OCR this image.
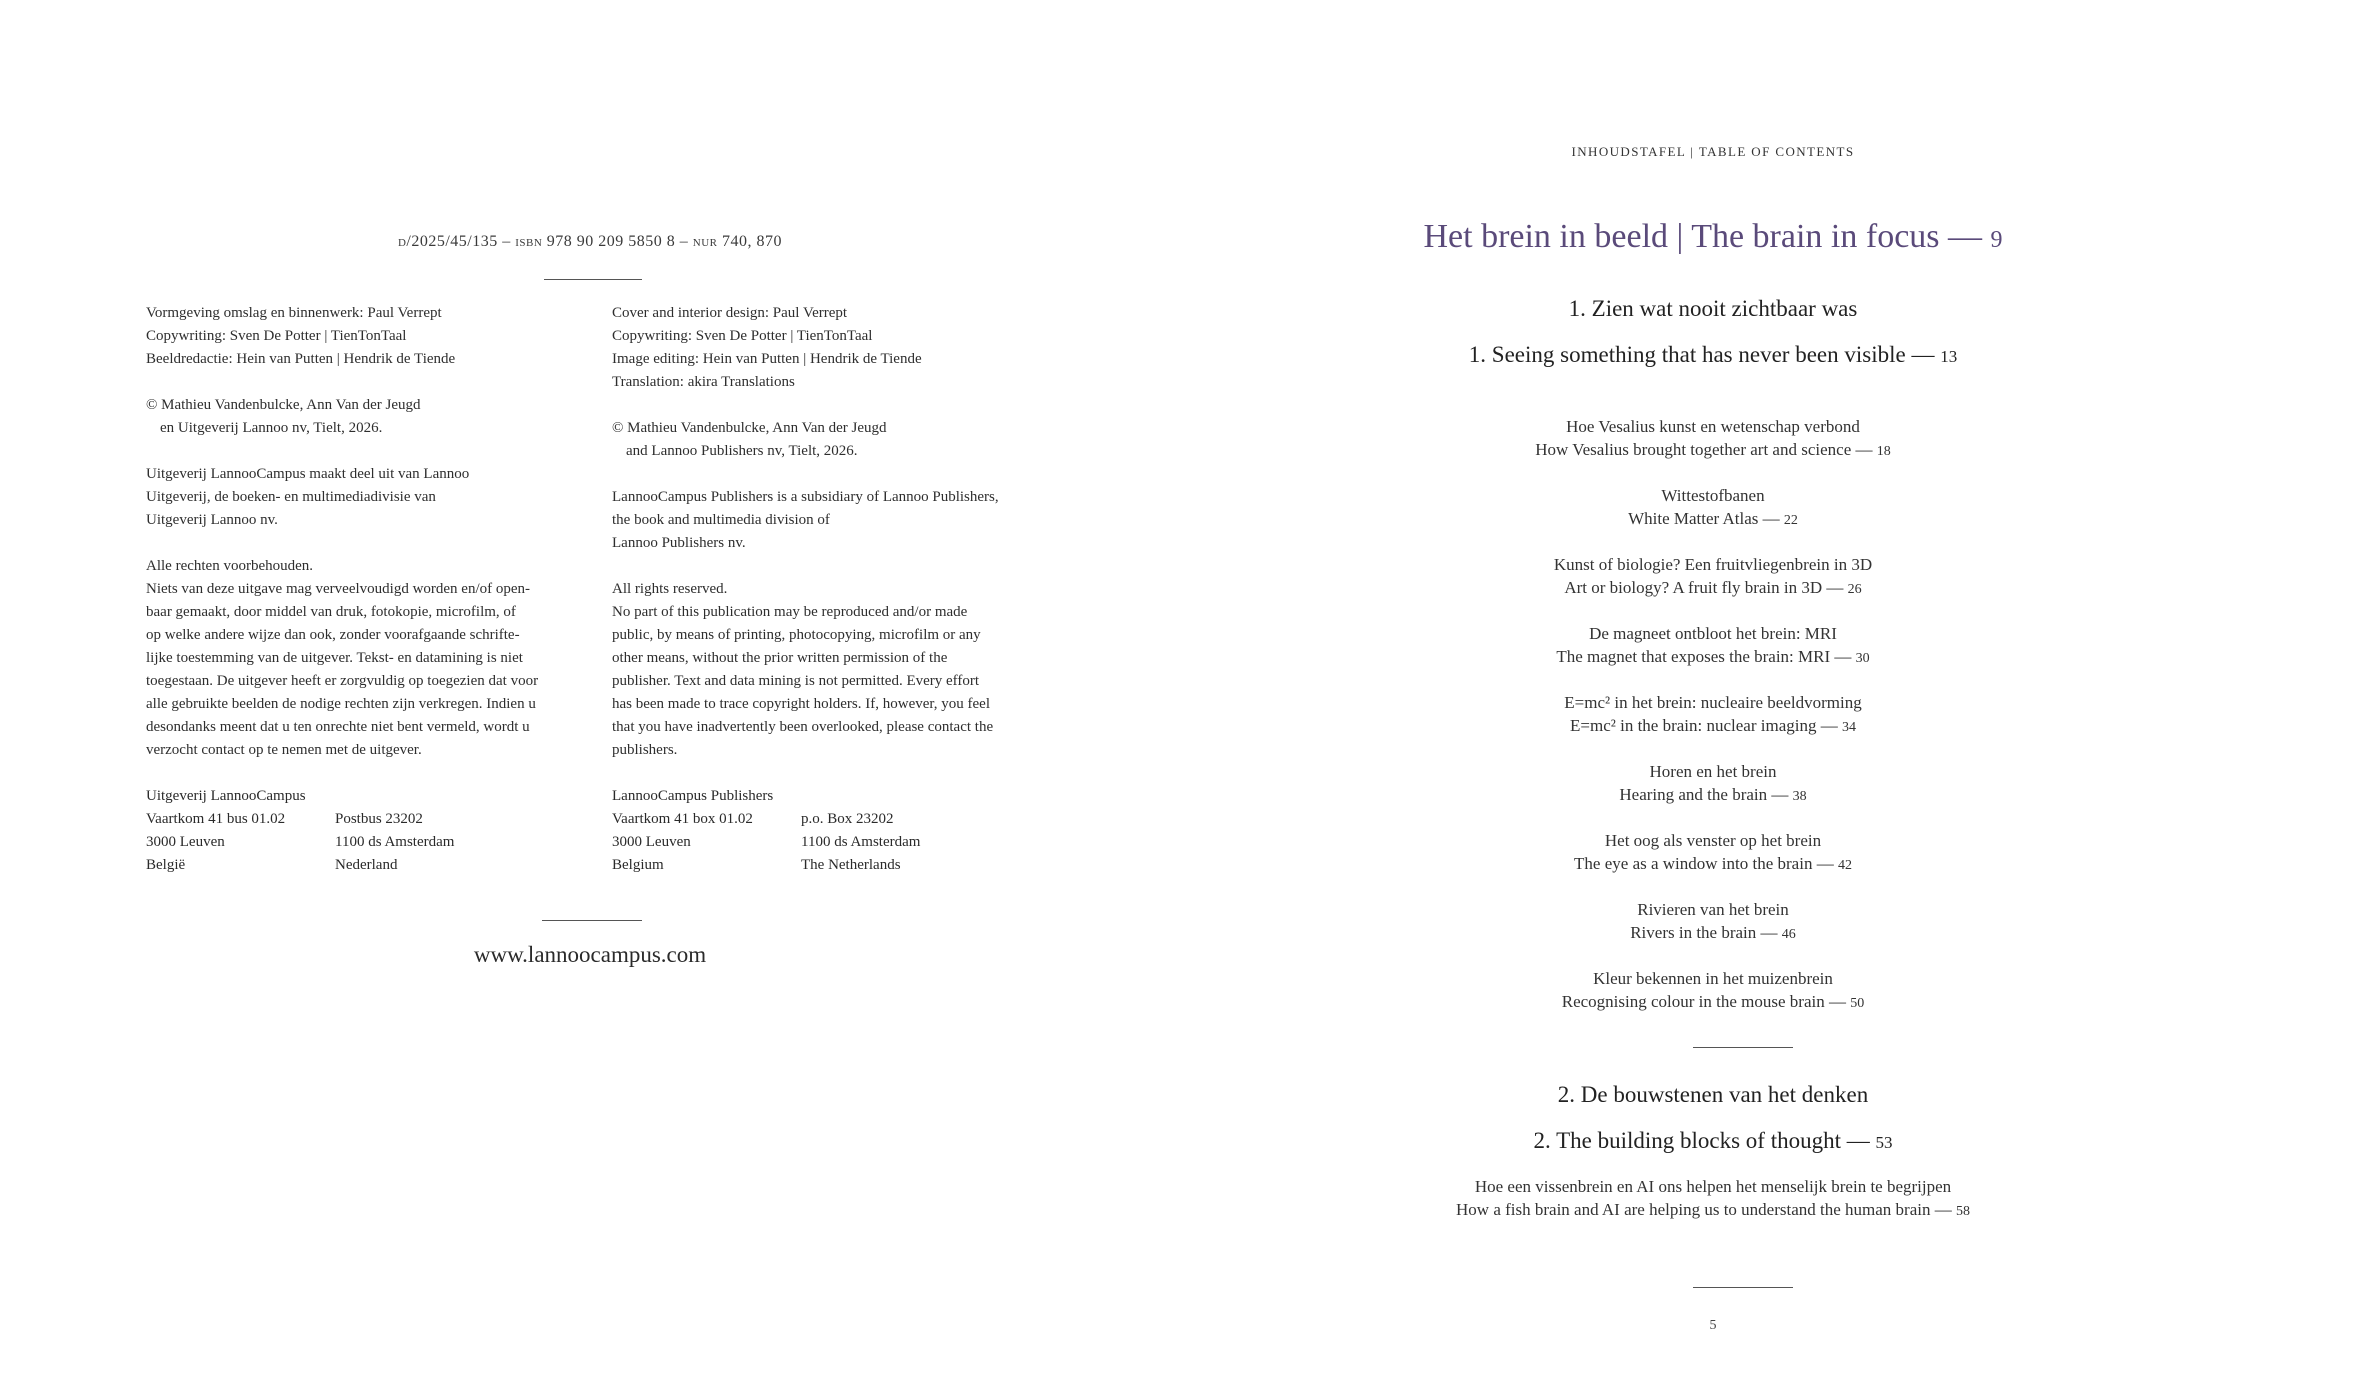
d/2025/45/135 – isbn 978 90 209 5850 8 – nur 740, 870

Vormgeving omslag en binnenwerk: Paul Verrept
Copywriting: Sven De Potter | TienTonTaal
Beeldredactie: Hein van Putten | Hendrik de Tiende

© Mathieu Vandenbulcke, Ann Van der Jeugd
en Uitgeverij Lannoo nv, Tielt, 2026.

Uitgeverij LannooCampus maakt deel uit van Lannoo
Uitgeverij, de boeken- en multimediadivisie van
Uitgeverij Lannoo nv.

Alle rechten voorbehouden.
Niets van deze uitgave mag verveelvoudigd worden en/of open-
baar gemaakt, door middel van druk, fotokopie, microfilm, of
op welke andere wijze dan ook, zonder voorafgaande schrifte-
lijke toestemming van de uitgever. Tekst- en datamining is niet
toegestaan. De uitgever heeft er zorgvuldig op toegezien dat voor
alle gebruikte beelden de nodige rechten zijn verkregen. Indien u
desondanks meent dat u ten onrechte niet bent vermeld, wordt u
verzocht contact op te nemen met de uitgever.

Uitgeverij LannooCampus
Vaartkom 41 bus 01.02	Postbus 23202
3000 Leuven	1100 ds Amsterdam
België	Nederland

Cover and interior design: Paul Verrept
Copywriting: Sven De Potter | TienTonTaal
Image editing: Hein van Putten | Hendrik de Tiende
Translation: akira Translations

© Mathieu Vandenbulcke, Ann Van der Jeugd
and Lannoo Publishers nv, Tielt, 2026.

LannooCampus Publishers is a subsidiary of Lannoo Publishers,
the book and multimedia division of
Lannoo Publishers nv.

All rights reserved.
No part of this publication may be reproduced and/or made
public, by means of printing, photocopying, microfilm or any
other means, without the prior written permission of the
publisher. Text and data mining is not permitted. Every effort
has been made to trace copyright holders. If, however, you feel
that you have inadvertently been overlooked, please contact the
publishers.

LannooCampus Publishers
Vaartkom 41 box 01.02	p.o. Box 23202
3000 Leuven	1100 ds Amsterdam
Belgium	The Netherlands
www.lannoocampus.com
INHOUDSTAFEL | TABLE OF CONTENTS
Het brein in beeld | The brain in focus — 9
1. Zien wat nooit zichtbaar was
1. Seeing something that has never been visible — 13
Hoe Vesalius kunst en wetenschap verbond
How Vesalius brought together art and science — 18
Wittestofbanen
White Matter Atlas — 22
Kunst of biologie? Een fruitvliegenbrein in 3D
Art or biology? A fruit fly brain in 3D — 26
De magneet ontbloot het brein: MRI
The magnet that exposes the brain: MRI — 30
E=mc² in het brein: nucleaire beeldvorming
E=mc² in the brain: nuclear imaging — 34
Horen en het brein
Hearing and the brain — 38
Het oog als venster op het brein
The eye as a window into the brain — 42
Rivieren van het brein
Rivers in the brain — 46
Kleur bekennen in het muizenbrein
Recognising colour in the mouse brain — 50
2. De bouwstenen van het denken
2. The building blocks of thought — 53
Hoe een vissenbrein en AI ons helpen het menselijk brein te begrijpen
How a fish brain and AI are helping us to understand the human brain — 58
5
